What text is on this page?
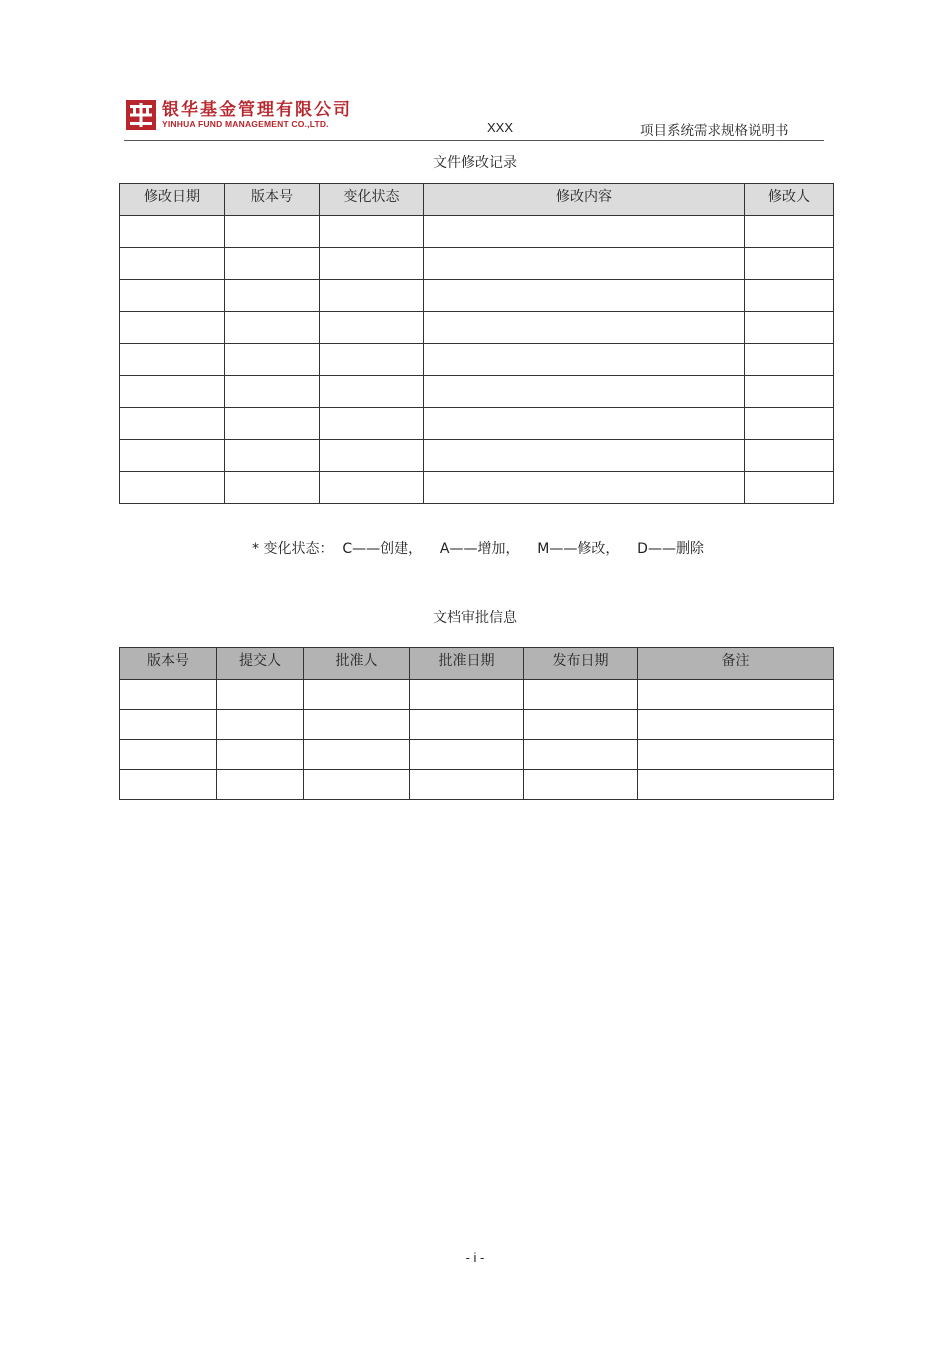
银华基金管理有限公司
YINHUA FUND MANAGEMENT CO.,LTD.	XXX	项目系统需求规格说明书
文件修改记录
修改日期	版本号	变化状态	修改内容	修改人

* 变化状态：  C——创建，    A——增加，    M——修改，    D——删除
文档审批信息
版本号	提交人	批准人	批准日期	发布日期	备注

- i -
